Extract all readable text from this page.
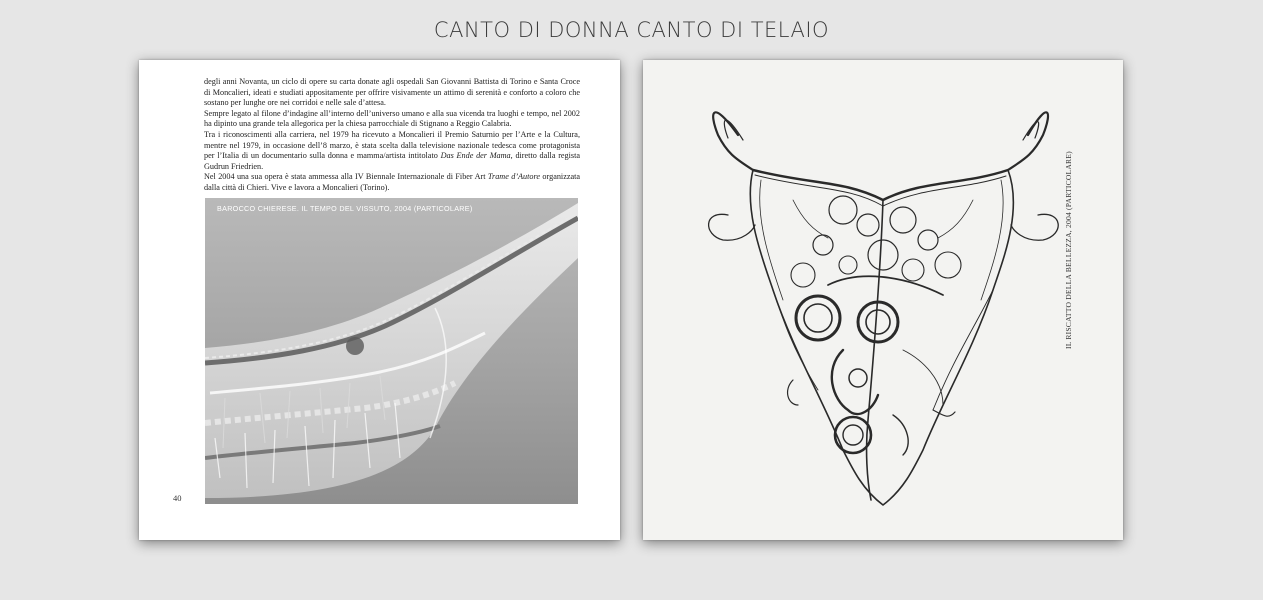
CANTO DI DONNA CANTO DI TELAIO

degli anni Novanta, un ciclo di opere su carta donate agli ospedali San Giovanni Battista di Torino e Santa Croce di Moncalieri, ideati e studiati appositamente per offrire visivamente un attimo di serenità e conforto a coloro che sostano per lunghe ore nei corridoi e nelle sale d’attesa.

Sempre legato al filone d’indagine all’interno dell’universo umano e alla sua vicenda tra luoghi e tempo, nel 2002 ha dipinto una grande tela allegorica per la chiesa parrocchiale di Stignano a Reggio Calabria.

Tra i riconoscimenti alla carriera, nel 1979 ha ricevuto a Moncalieri il Premio Saturnio per l’Arte e la Cultura, mentre nel 1979, in occasione dell’8 marzo, è stata scelta dalla televisione nazionale tedesca come protagonista per l’Italia di un documentario sulla donna e mamma/artista intitolato Das Ende der Mama, diretto dalla regista Gudrun Friedrien.

Nel 2004 una sua opera è stata ammessa alla IV Biennale Internazionale di Fiber Art Trame d’Autore organizzata dalla città di Chieri. Vive e lavora a Moncalieri (Torino).

BAROCCO CHIERESE. IL TEMPO DEL VISSUTO, 2004 (PARTICOLARE)
40
IL RISCATTO DELLA BELLEZZA, 2004 (PARTICOLARE)
